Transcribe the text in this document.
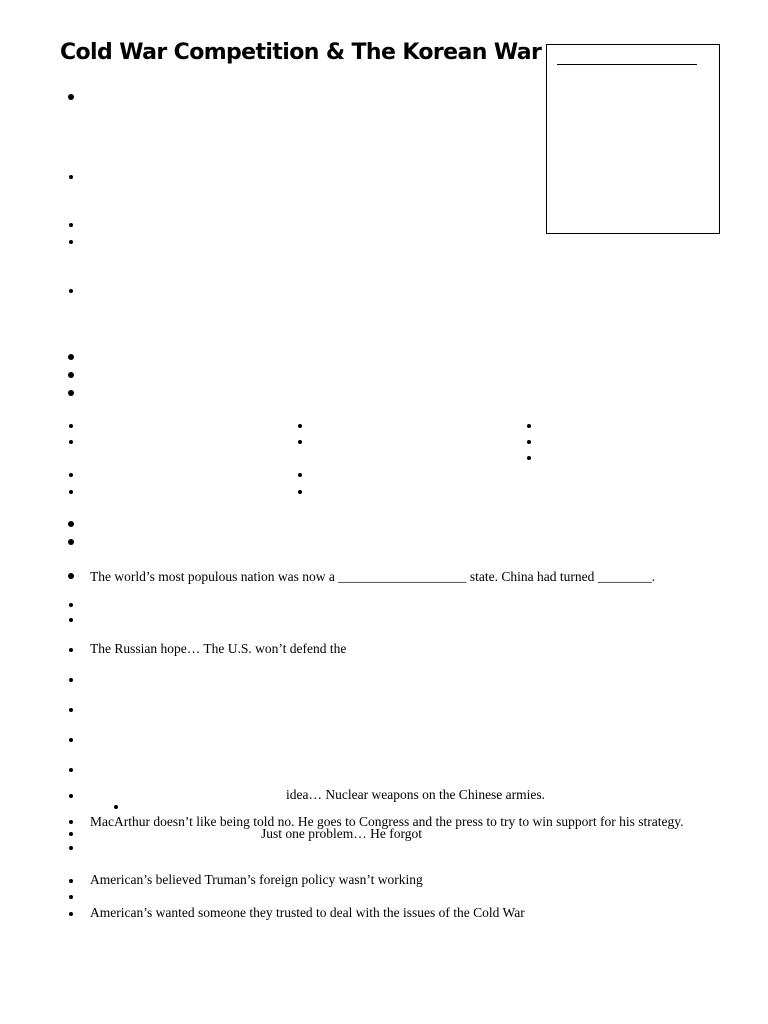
Cold War Competition & The Korean War
The world’s most populous nation was now a ___________________ state. China had turned ________.
The Russian hope… The U.S. won’t defend the
idea… Nuclear weapons on the Chinese armies.
MacArthur doesn’t like being told no. He goes to Congress and the press to try to win support for his strategy.
Just one problem… He forgot
American’s believed Truman’s foreign policy wasn’t working
American’s wanted someone they trusted to deal with the issues of the Cold War
